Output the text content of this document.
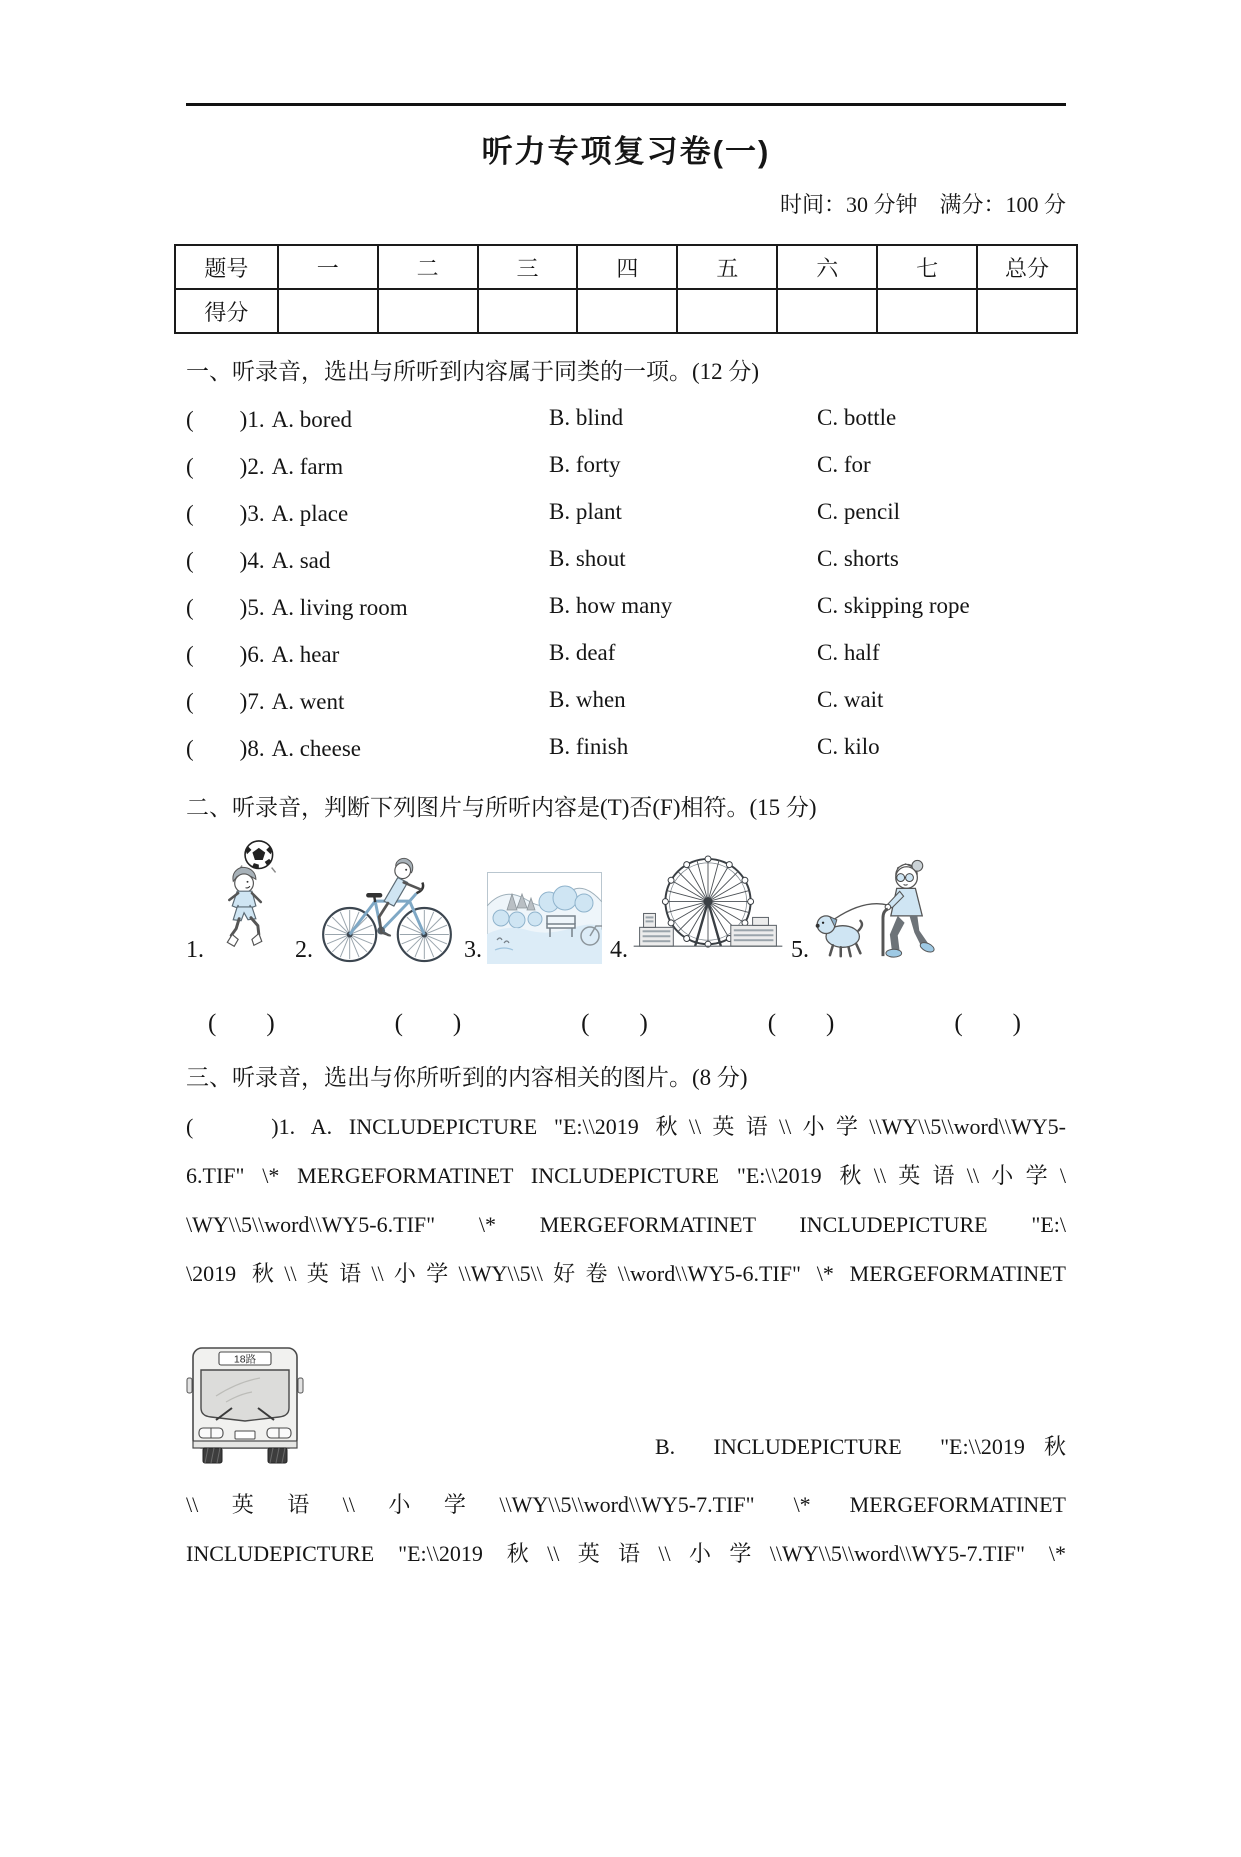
听力专项复习卷(一)
时间：30 分钟　满分：100 分
题号	一	二	三	四	五	六	七	总分
得分								
一、听录音，选出与所听到内容属于同类的一项。(12 分)
(　　)1. A. bored	B. blind	C. bottle
(　　)2. A. farm	B. forty	C. for
(　　)3. A. place	B. plant	C. pencil
(　　)4. A. sad	B. shout	C. shorts
(　　)5. A. living room	B. how many	C. skipping rope
(　　)6. A. hear	B. deaf	C. half
(　　)7. A. went	B. when	C. wait
(　　)8. A. cheese	B. finish	C. kilo
二、听录音，判断下列图片与所听内容是(T)否(F)相符。(15 分)
1.	2.	3.	4.	5.
(　　)	(　　)	(　　)	(　　)	(　　)
三、听录音，选出与你所听到的内容相关的图片。(8 分)
(　　)1. A. INCLUDEPICTURE "E:\\2019 秋\\英语\\小学\\WY\\5\\word\\WY5-
6.TIF" \* MERGEFORMATINET INCLUDEPICTURE "E:\\2019 秋\\英语\\小学\
\WY\\5\\word\\WY5-6.TIF" \* MERGEFORMATINET INCLUDEPICTURE "E:\
\2019 秋\\英语\\小学\\WY\\5\\好卷\\word\\WY5-6.TIF" \* MERGEFORMATINET
18路
B.  INCLUDEPICTURE  "E:\\2019 秋
\\英语\\小学\\WY\\5\\word\\WY5-7.TIF" \* MERGEFORMATINET
INCLUDEPICTURE "E:\\2019 秋\\英语\\小学\\WY\\5\\word\\WY5-7.TIF" \*
